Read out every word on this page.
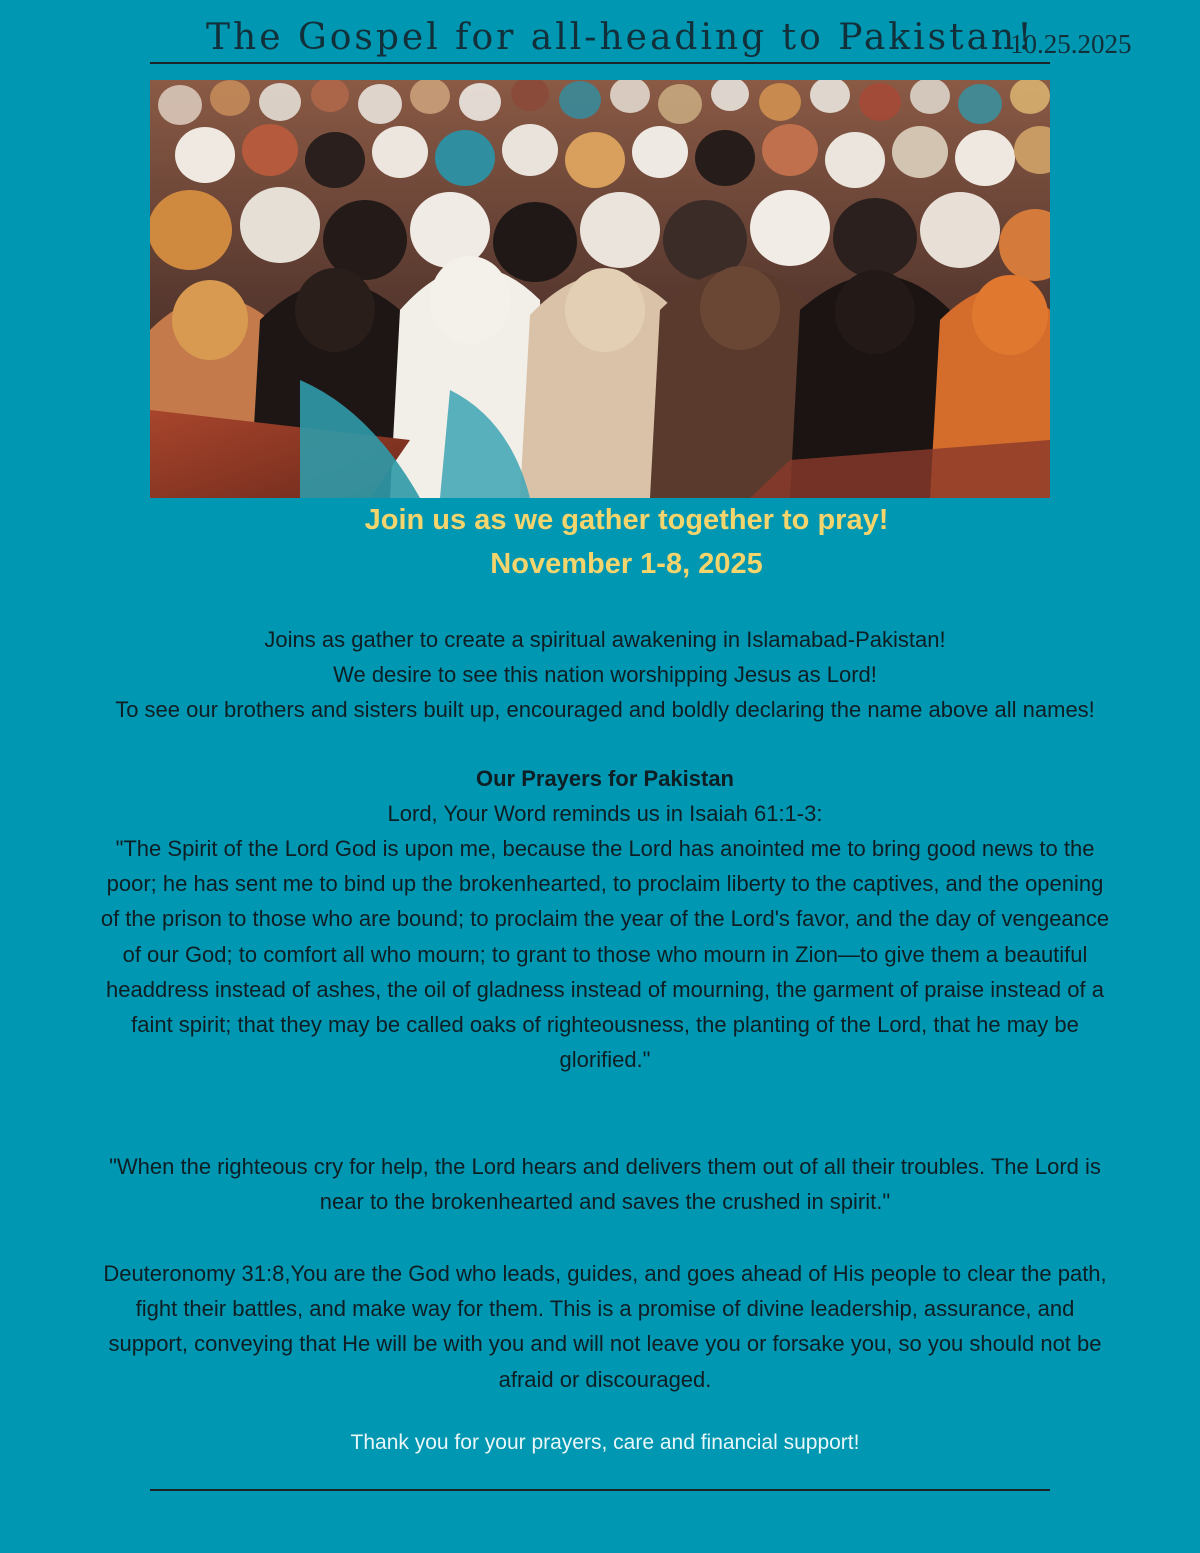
The Gospel for all-heading to Pakistan!
10.25.2025
Join us as we gather together to pray!
November 1-8, 2025

Joins as gather to create a spiritual awakening in Islamabad-Pakistan!

We desire to see this nation worshipping Jesus as Lord!

To see our brothers and sisters built up, encouraged and boldly declaring the name above all names!

Our Prayers for Pakistan
Lord, Your Word reminds us in Isaiah 61:1-3:
"The Spirit of the Lord God is upon me, because the Lord has anointed me to bring good news to the poor; he has sent me to bind up the brokenhearted, to proclaim liberty to the captives, and the opening of the prison to those who are bound; to proclaim the year of the Lord's favor, and the day of vengeance of our God; to comfort all who mourn; to grant to those who mourn in Zion—to give them a beautiful headdress instead of ashes, the oil of gladness instead of mourning, the garment of praise instead of a faint spirit; that they may be called oaks of righteousness, the planting of the Lord, that he may be glorified."
"When the righteous cry for help, the Lord hears and delivers them out of all their troubles. The Lord is near to the brokenhearted and saves the crushed in spirit."
Deuteronomy 31:8,You are the God who leads, guides, and goes ahead of His people to clear the path, fight their battles, and make way for them. This is a promise of divine leadership, assurance, and support, conveying that He will be with you and will not leave you or forsake you, so you should not be afraid or discouraged.
Thank you for your prayers, care and financial support!
